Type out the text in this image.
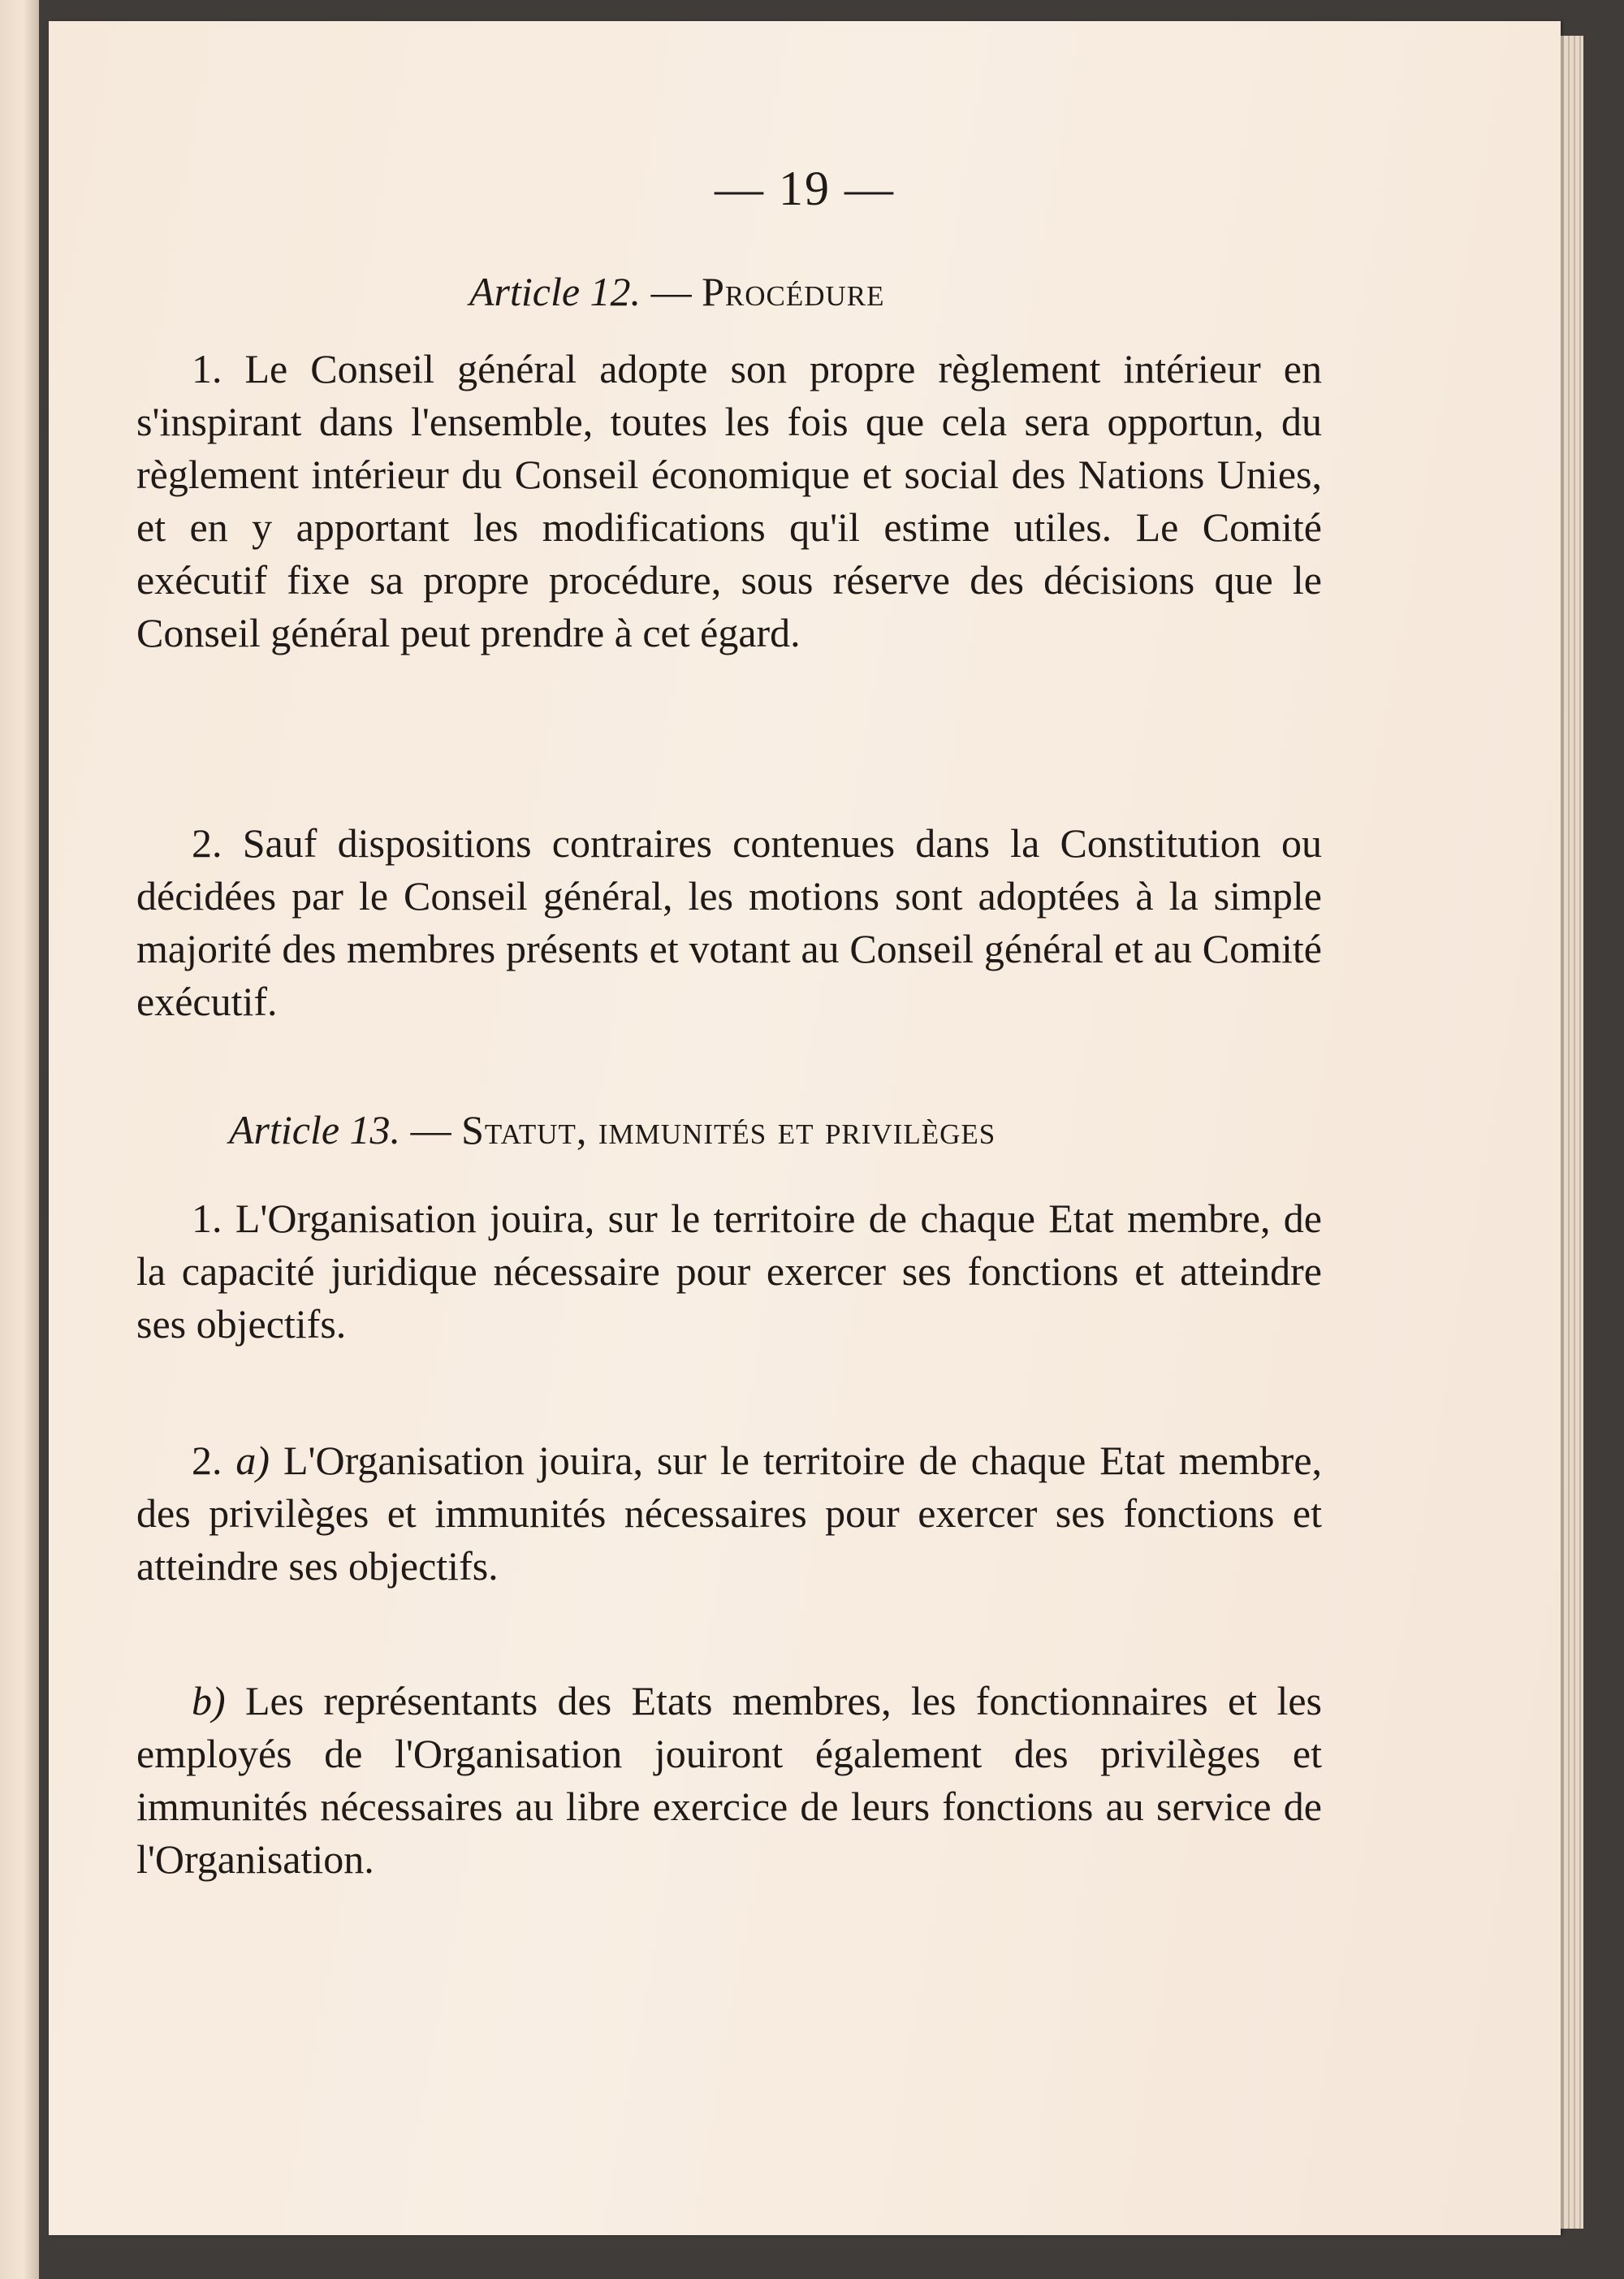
— 19 —
Article 12. — Procédure

1. Le Conseil général adopte son propre règlement intérieur en s'inspirant dans l'ensemble, toutes les fois que cela sera opportun, du règlement intérieur du Conseil économique et social des Nations Unies, et en y apportant les modifications qu'il estime utiles. Le Comité exécutif fixe sa propre procédure, sous réserve des décisions que le Conseil général peut prendre à cet égard.

2. Sauf dispositions contraires contenues dans la Constitution ou décidées par le Conseil général, les motions sont adoptées à la simple majorité des membres présents et votant au Conseil général et au Comité exécutif.

Article 13. — Statut, immunités et privilèges

1. L'Organisation jouira, sur le territoire de chaque Etat membre, de la capacité juridique nécessaire pour exercer ses fonctions et atteindre ses objectifs.

2. a) L'Organisation jouira, sur le territoire de chaque Etat membre, des privilèges et immunités nécessaires pour exercer ses fonctions et atteindre ses objectifs.

b) Les représentants des Etats membres, les fonctionnaires et les employés de l'Organisation jouiront également des privilèges et immunités nécessaires au libre exercice de leurs fonctions au service de l'Organisation.
